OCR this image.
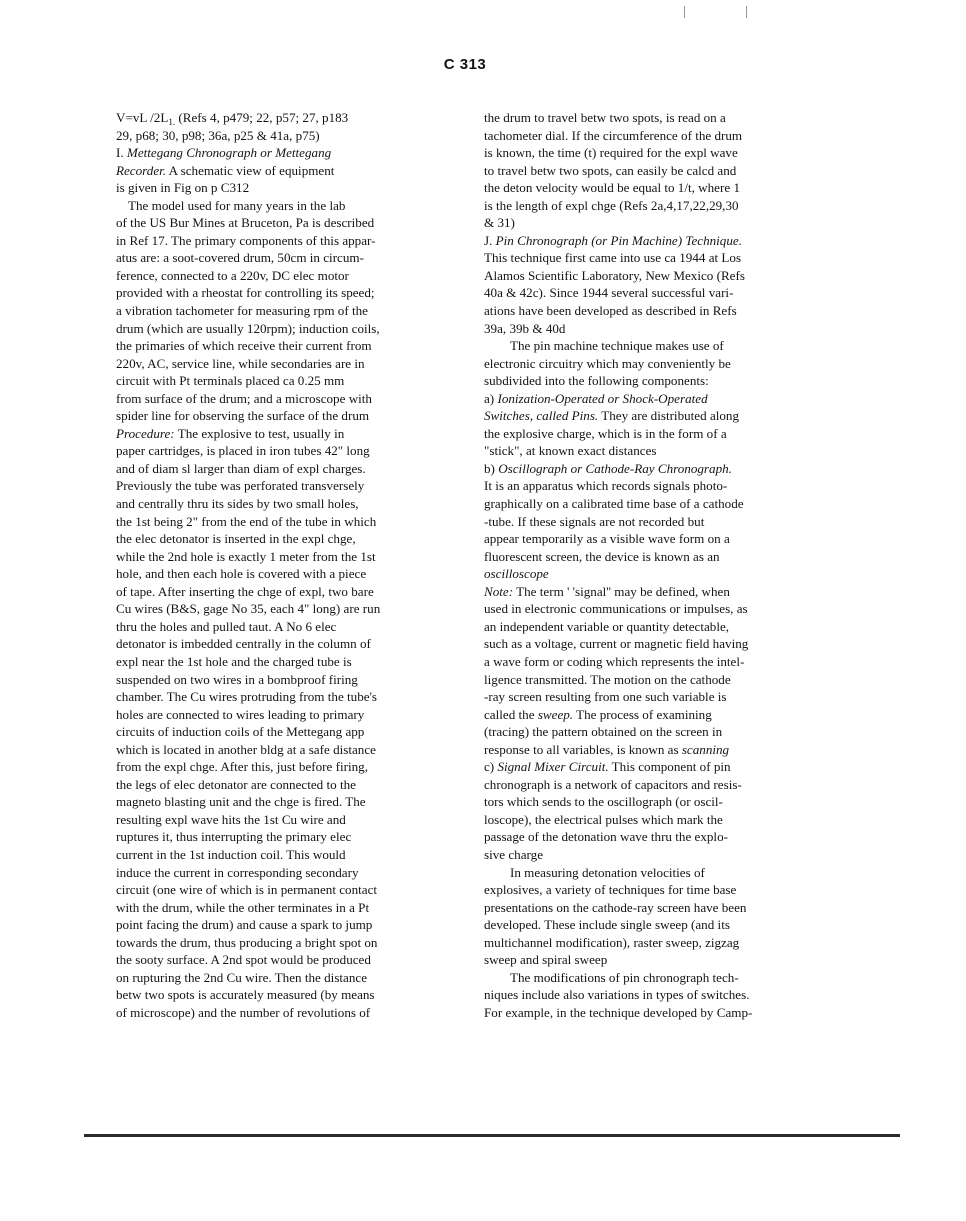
C 313
V=vL $/2L_{1.}$ (Refs 4, p479; 22, p57; 27, p183
29, p68; 30, p98; 36a, p25 & 41a, p75)
I. Mettegang Chronograph or Mettegang
Recorder. A schematic view of equipment
is given in Fig on p C312
The model used for many years in the lab
of the US Bur Mines at Bruceton, Pa is described
in Ref 17. The primary components of this appar-
atus are: a soot-covered drum, 50cm in circum-
ference, connected to a 220v, DC elec motor
provided with a rheostat for controlling its speed;
a vibration tachometer for measuring rpm of the
drum (which are usually 120rpm); induction coils,
the primaries of which receive their current from
220v, AC, service line, while secondaries are in
circuit with Pt terminals placed ca 0.25 mm
from surface of the drum; and a microscope with
spider line for observing the surface of the drum
Procedure: The explosive to test, usually in
paper cartridges, is placed in iron tubes 42" long
and of diam sl larger than diam of expl charges.
Previously the tube was perforated transversely
and centrally thru its sides by two small holes,
the 1st being 2" from the end of the tube in which
the elec detonator is inserted in the expl chge,
while the 2nd hole is exactly 1 meter from the 1st
hole, and then each hole is covered with a piece
of tape. After inserting the chge of expl, two bare
Cu wires (B&S, gage No 35, each 4" long) are run
thru the holes and pulled taut. A No 6 elec
detonator is imbedded centrally in the column of
expl near the 1st hole and the charged tube is
suspended on two wires in a bombproof firing
chamber. The Cu wires protruding from the tube's
holes are connected to wires leading to primary
circuits of induction coils of the Mettegang app
which is located in another bldg at a safe distance
from the expl chge. After this, just before firing,
the legs of elec detonator are connected to the
magneto blasting unit and the chge is fired. The
resulting expl wave hits the 1st Cu wire and
ruptures it, thus interrupting the primary elec
current in the 1st induction coil. This would
induce the current in corresponding secondary
circuit (one wire of which is in permanent contact
with the drum, while the other terminates in a Pt
point facing the drum) and cause a spark to jump
towards the drum, thus producing a bright spot on
the sooty surface. A 2nd spot would be produced
on rupturing the 2nd Cu wire. Then the distance
betw two spots is accurately measured (by means
of microscope) and the number of revolutions of
the drum to travel betw two spots, is read on a
tachometer dial. If the circumference of the drum
is known, the time (t) required for the expl wave
to travel betw two spots, can easily be calcd and
the deton velocity would be equal to 1/t, where 1
is the length of expl chge (Refs 2a,4,17,22,29,30
& 31)
J. Pin Chronograph (or Pin Machine) Technique.
This technique first came into use ca 1944 at Los
Alamos Scientific Laboratory, New Mexico (Refs
40a & 42c). Since 1944 several successful vari-
ations have been developed as described in Refs
39a, 39b & 40d
The pin machine technique makes use of
electronic circuitry which may conveniently be
subdivided into the following components:
a) Ionization-Operated or Shock-Operated
Switches, called Pins. They are distributed along
the explosive charge, which is in the form of a
"stick", at known exact distances
b) Oscillograph or Cathode-Ray Chronograph.
It is an apparatus which records signals photo-
graphically on a calibrated time base of a cathode
-tube. If these signals are not recorded but
appear temporarily as a visible wave form on a
fluorescent screen, the device is known as an
oscilloscope
Note: The term ' 'signal'' may be defined, when
used in electronic communications or impulses, as
an independent variable or quantity detectable,
such as a voltage, current or magnetic field having
a wave form or coding which represents the intel-
ligence transmitted. The motion on the cathode
-ray screen resulting from one such variable is
called the sweep. The process of examining
(tracing) the pattern obtained on the screen in
response to all variables, is known as scanning
c) Signal Mixer Circuit. This component of pin
chronograph is a network of capacitors and resis-
tors which sends to the oscillograph (or oscil-
loscope), the electrical pulses which mark the
passage of the detonation wave thru the explo-
sive charge
In measuring detonation velocities of
explosives, a variety of techniques for time base
presentations on the cathode-ray screen have been
developed. These include single sweep (and its
multichannel modification), raster sweep, zigzag
sweep and spiral sweep
The modifications of pin chronograph tech-
niques include also variations in types of switches.
For example, in the technique developed by Camp-
